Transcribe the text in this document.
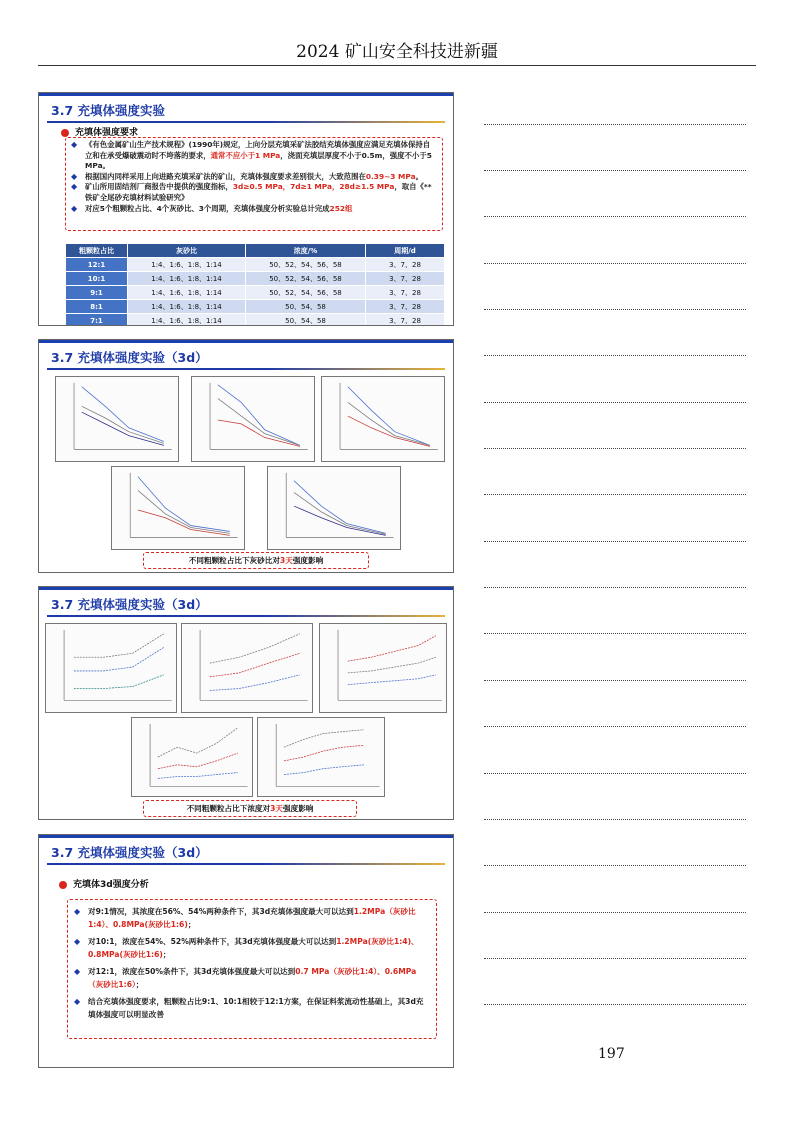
2024 矿山安全科技进新疆
3.7 充填体强度实验
充填体强度要求
◆ 《有色金属矿山生产技术规程》(1990年)规定，上向分层充填采矿法胶结充填体强度应满足充填体保持自立和在承受爆破震动时不垮落的要求，通常不应小于1 MPa，浇面充填层厚度不小于0.5m，强度不小于5 MPa。
◆ 根据国内同样采用上向进路充填采矿法的矿山，充填体强度要求差别很大，大致范围在0.39~3 MPa。
◆ 矿山所用固结剂厂商报告中提供的强度指标，3d≥0.5 MPa，7d≥1 MPa，28d≥1.5 MPa，取自《**铁矿全尾砂充填材料试验研究》
◆ 对应5个粗颗粒占比、4个灰砂比、3个周期，充填体强度分析实验总计完成252组
粗颗粒占比	灰砂比	浓度/%	周期/d
12:1	1:4、1:6、1:8、1:14	50、52、54、56、58	3、7、28
10:1	1:4、1:6、1:8、1:14	50、52、54、56、58	3、7、28
9:1	1:4、1:6、1:8、1:14	50、52、54、56、58	3、7、28
8:1	1:4、1:6、1:8、1:14	50、54、58	3、7、28
7:1	1:4、1:6、1:8、1:14	50、54、58	3、7、28
3.7 充填体强度实验（3d）
不同粗颗粒占比下灰砂比对3天强度影响
3.7 充填体强度实验（3d）
不同粗颗粒占比下浓度对3天强度影响
3.7 充填体强度实验（3d）
充填体3d强度分析
◆ 对9:1情况，其浓度在56%、54%两种条件下，其3d充填体强度最大可以达到1.2MPa（灰砂比1:4）、0.8MPa(灰砂比1:6)；
◆ 对10:1，浓度在54%、52%两种条件下，其3d充填体强度最大可以达到1.2MPa(灰砂比1:4)、0.8MPa(灰砂比1:6)；
◆ 对12:1，浓度在50%条件下，其3d充填体强度最大可以达到0.7 MPa（灰砂比1:4）、0.6MPa（灰砂比1:6）；
◆ 结合充填体强度要求，粗颗粒占比9:1、10:1相较于12:1方案，在保证料浆流动性基础上，其3d充填体强度可以明显改善
197
